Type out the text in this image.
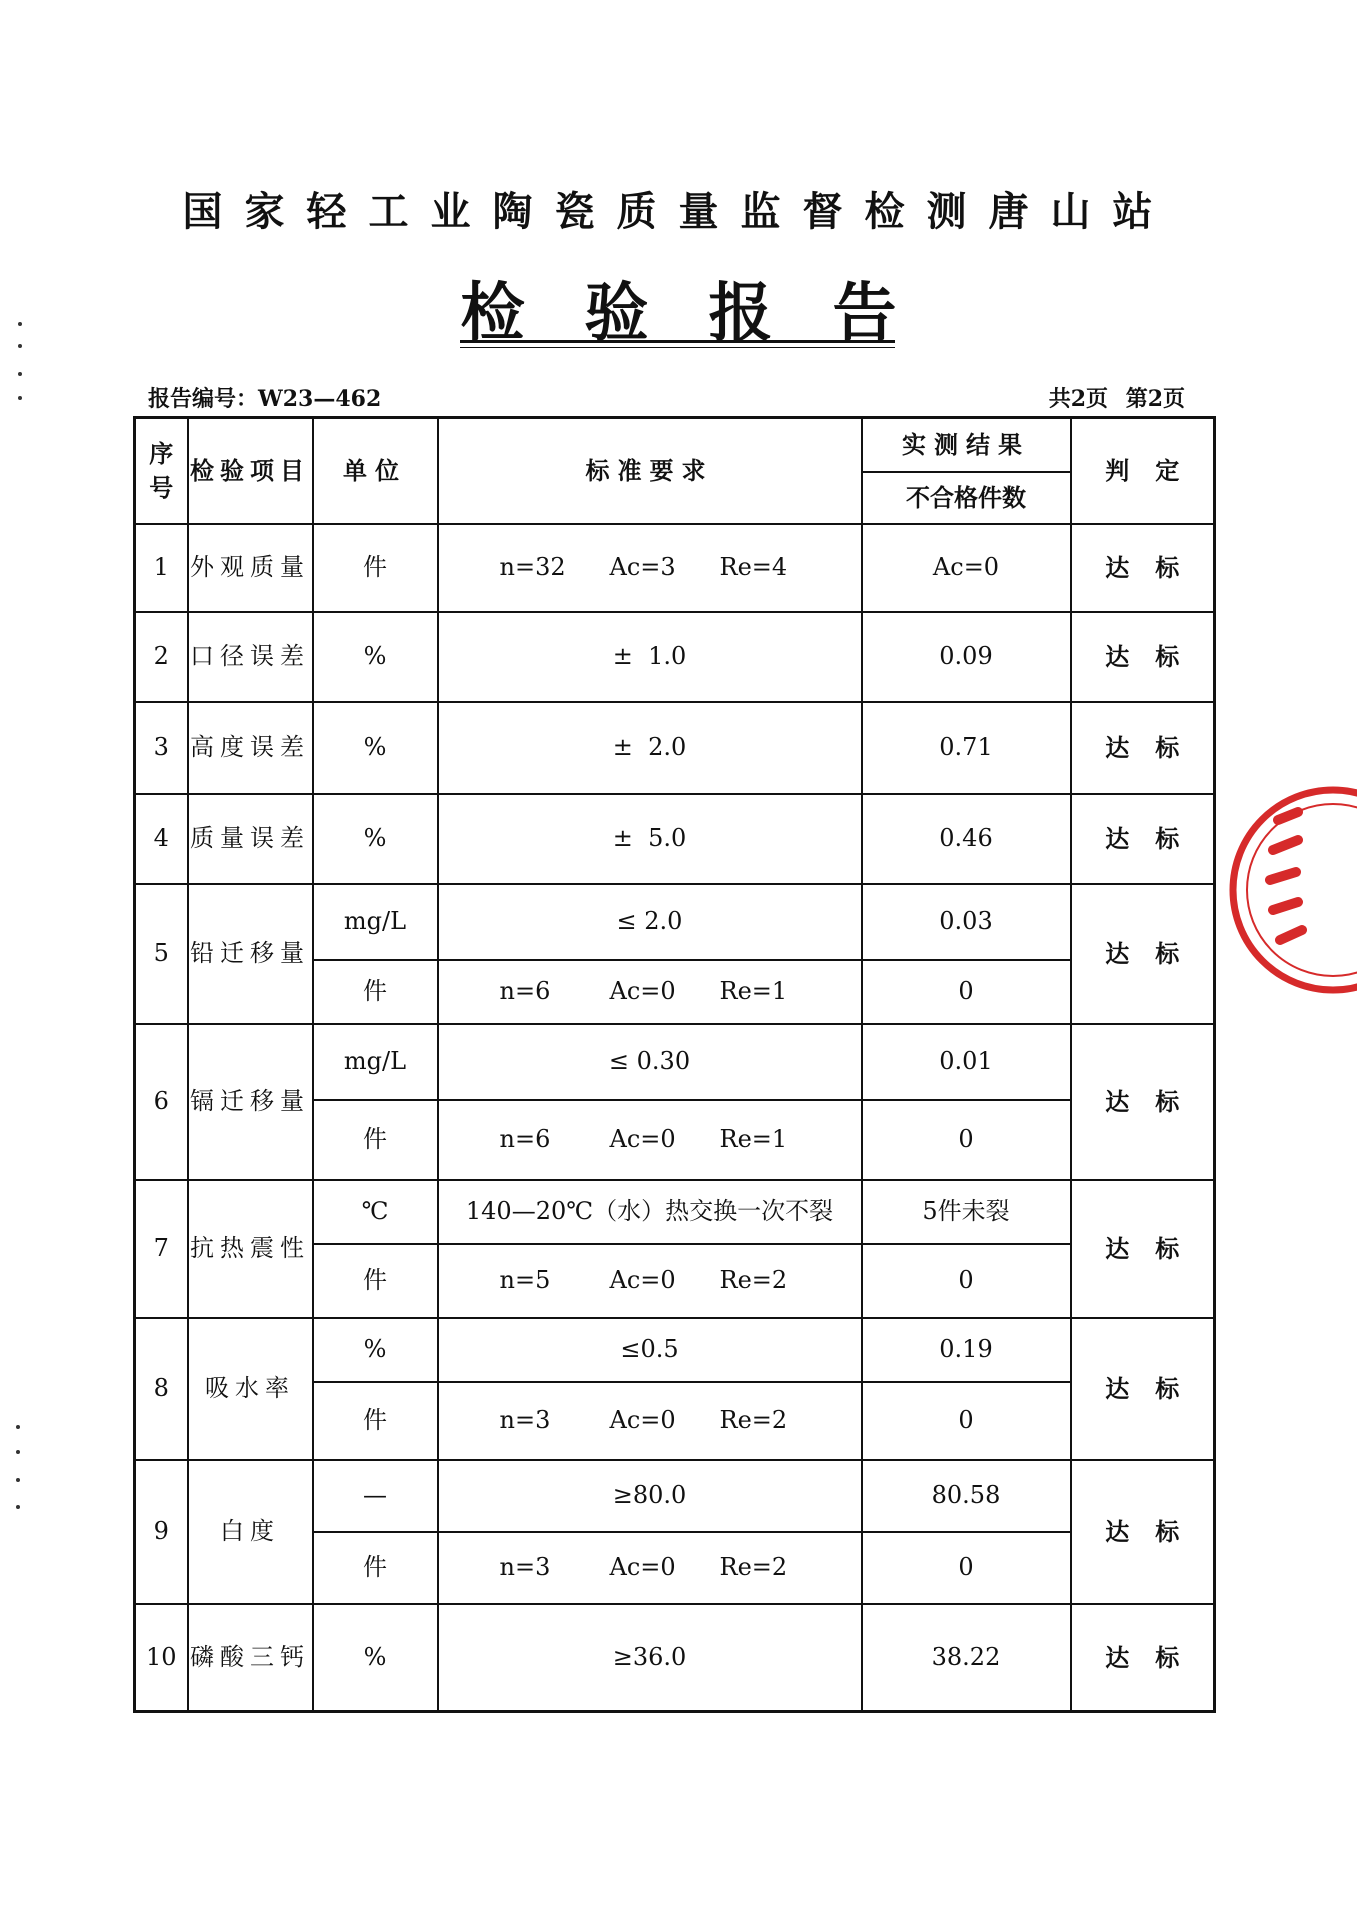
国家轻工业陶瓷质量监督检测唐山站
检验报告
报告编号：W23—462	共2页 第2页
序号	检验项目	单位	标准要求	实测结果	判定
				不合格件数	
1	外观质量	件	n=32 Ac=3 Re=4	Ac=0	达标
2	口径误差	%	±  1.0	0.09	达标
3	高度误差	%	±  2.0	0.71	达标
4	质量误差	%	±  5.0	0.46	达标
5	铅迁移量	mg/L	≤ 2.0	0.03	达标
		件	n=6 Ac=0 Re=1	0	
6	镉迁移量	mg/L	≤ 0.30	0.01	达标
		件	n=6 Ac=0 Re=1	0	
7	抗热震性	℃	140—20℃（水）热交换一次不裂	5件未裂	达标
		件	n=5 Ac=0 Re=2	0	
8	吸水率	%	≤0.5	0.19	达标
		件	n=3 Ac=0 Re=2	0	
9	白度	—	≥80.0	80.58	达标
		件	n=3 Ac=0 Re=2	0	
10	磷酸三钙	%	≥36.0	38.22	达标
